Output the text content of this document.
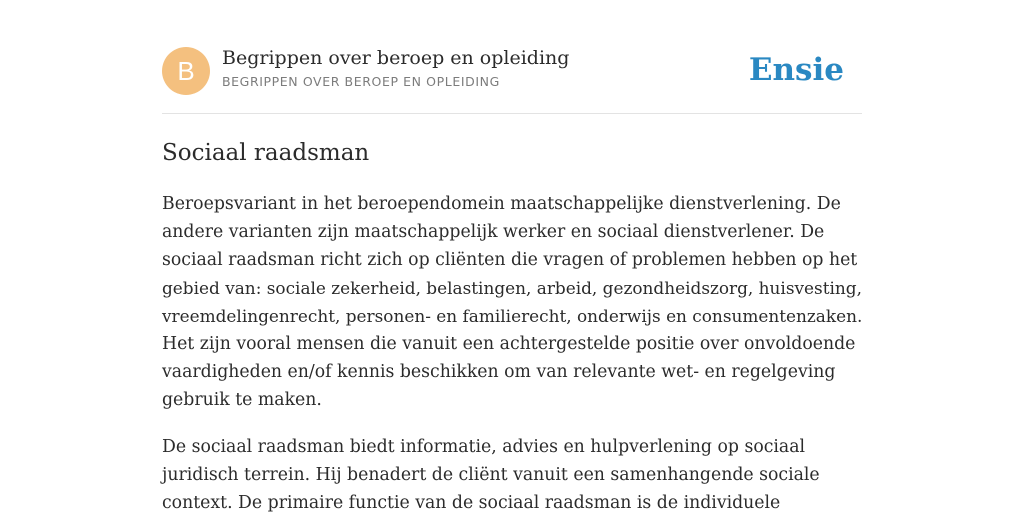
B	Begrippen over beroep en opleiding
BEGRIPPEN OVER BEROEP EN OPLEIDING	Ensie
Sociaal raadsman

Beroepsvariant in het beroependomein maatschappelijke dienstverlening. De
andere varianten zijn maatschappelijk werker en sociaal dienstverlener. De
sociaal raadsman richt zich op cliënten die vragen of problemen hebben op het
gebied van: sociale zekerheid, belastingen, arbeid, gezondheidszorg, huisvesting,
vreemdelingenrecht, personen- en familierecht, onderwijs en consumentenzaken.
Het zijn vooral mensen die vanuit een achtergestelde positie over onvoldoende
vaardigheden en/of kennis beschikken om van relevante wet- en regelgeving
gebruik te maken.

De sociaal raadsman biedt informatie, advies en hulpverlening op sociaal
juridisch terrein. Hij benadert de cliënt vanuit een samenhangende sociale
context. De primaire functie van de sociaal raadsman is de individuele
